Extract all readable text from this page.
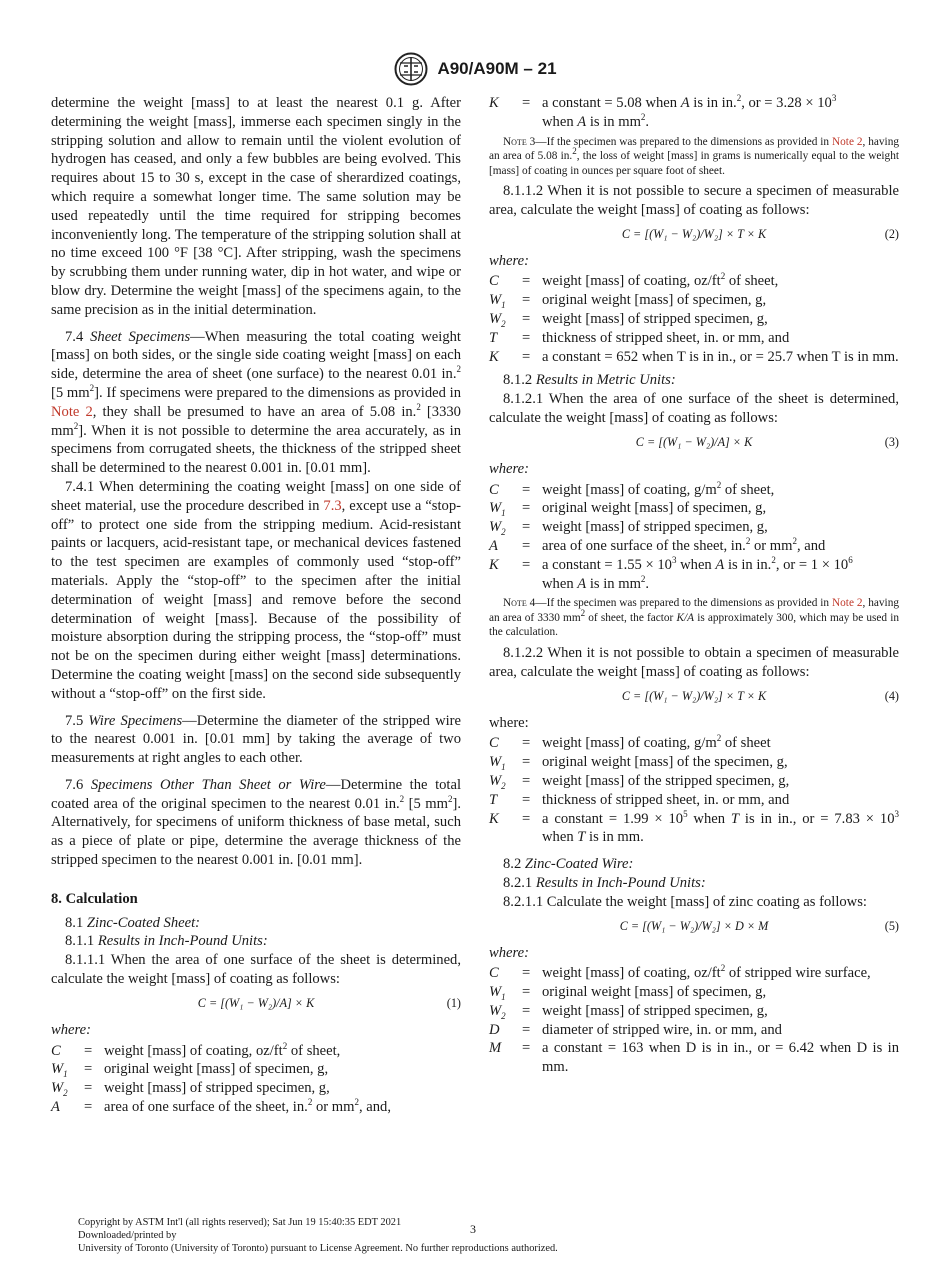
A90/A90M – 21

determine the weight [mass] to at least the nearest 0.1 g. After determining the weight [mass], immerse each specimen singly in the stripping solution and allow to remain until the violent evolution of hydrogen has ceased, and only a few bubbles are being evolved. This requires about 15 to 30 s, except in the case of sherardized coatings, which require a somewhat longer time. The same solution may be used repeatedly until the time required for stripping becomes inconveniently long. The temperature of the stripping solution shall at no time exceed 100 °F [38 °C]. After stripping, wash the specimens by scrubbing them under running water, dip in hot water, and wipe or blow dry. Determine the weight [mass] of the specimens again, to the same precision as in the initial determination.

7.4 Sheet Specimens—When measuring the total coating weight [mass] on both sides, or the single side coating weight [mass] on each side, determine the area of sheet (one surface) to the nearest 0.01 in.$^2$ [5 $mm^2$]. If specimens were prepared to the dimensions as provided in Note 2, they shall be presumed to have an area of 5.08 in.$^2$ [3330 $mm^2$]. When it is not possible to determine the area accurately, as in specimens from corrugated sheets, the thickness of the stripped sheet shall be determined to the nearest 0.001 in. [0.01 mm].

7.4.1 When determining the coating weight [mass] on one side of sheet material, use the procedure described in 7.3, except use a “stop-off” to protect one side from the stripping medium. Acid-resistant paints or lacquers, acid-resistant tape, or mechanical devices fastened to the test specimen are examples of commonly used “stop-off” materials. Apply the “stop-off” to the specimen after the initial determination of weight [mass] and remove before the second determination of weight [mass]. Because of the possibility of moisture absorption during the stripping process, the “stop-off” must not be on the specimen during either weight [mass] determinations. Determine the coating weight [mass] on the second side subsequently without a “stop-off” on the first side.

7.5 Wire Specimens—Determine the diameter of the stripped wire to the nearest 0.001 in. [0.01 mm] by taking the average of two measurements at right angles to each other.

7.6 Specimens Other Than Sheet or Wire—Determine the total coated area of the original specimen to the nearest 0.01 in.$^2$ [5 $mm^2$]. Alternatively, for specimens of uniform thickness of base metal, such as a piece of plate or pipe, determine the average thickness of the stripped specimen to the nearest 0.001 in. [0.01 mm].

8. Calculation

8.1 Zinc-Coated Sheet:

8.1.1 Results in Inch-Pound Units:

8.1.1.1 When the area of one surface of the sheet is determined, calculate the weight [mass] of coating as follows:

C = [(W₁ − W₂)/A] × K	(1)

where:

C	= weight [mass] of coating, $oz/ft^2$ of sheet,
$W_1$	= original weight [mass] of specimen, g,
$W_2$	= weight [mass] of stripped specimen, g,
A	= area of one surface of the sheet, in.$^2$ or $mm^2$, and,
K	= a constant = 5.08 when A is in in.$^2$, or = $3.28 \times 10^3$
when A is in $mm^2$.

Note 3—If the specimen was prepared to the dimensions as provided in Note 2, having an area of 5.08 in.$^2$, the loss of weight [mass] in grams is numerically equal to the weight [mass] of coating in ounces per square foot of sheet.

8.1.1.2 When it is not possible to secure a specimen of measurable area, calculate the weight [mass] of coating as follows:

C = [(W₁ − W₂)/W₂] × T × K	(2)

where:

C	= weight [mass] of coating, $oz/ft^2$ of sheet,
$W_1$	= original weight [mass] of specimen, g,
$W_2$	= weight [mass] of stripped specimen, g,
T	= thickness of stripped sheet, in. or mm, and
K	= a constant = 652 when T is in in., or = 25.7 when T is in mm.

8.1.2 Results in Metric Units:

8.1.2.1 When the area of one surface of the sheet is determined, calculate the weight [mass] of coating as follows:

C = [(W₁ − W₂)/A] × K	(3)

where:

C	= weight [mass] of coating, $g/m^2$ of sheet,
$W_1$	= original weight [mass] of specimen, g,
$W_2$	= weight [mass] of stripped specimen, g,
A	= area of one surface of the sheet, in.$^2$ or $mm^2$, and
K	= a constant = $1.55 \times 10^3$ when A is in in.$^2$, or = $1 \times 10^6$
when A is in $mm^2$.

Note 4—If the specimen was prepared to the dimensions as provided in Note 2, having an area of 3330 $mm^2$ of sheet, the factor K/A is approximately 300, which may be used in the calculation.

8.1.2.2 When it is not possible to obtain a specimen of measurable area, calculate the weight [mass] of coating as follows:

C = [(W₁ − W₂)/W₂] × T × K	(4)

where:

C	= weight [mass] of coating, $g/m^2$ of sheet
$W_1$	= original weight [mass] of the specimen, g,
$W_2$	= weight [mass] of the stripped specimen, g,
T	= thickness of stripped sheet, in. or mm, and
K	= a constant = $1.99 \times 10^5$ when T is in in., or = $7.83 \times 10^3$ when T is in mm.

8.2 Zinc-Coated Wire:

8.2.1 Results in Inch-Pound Units:

8.2.1.1 Calculate the weight [mass] of zinc coating as follows:

C = [(W₁ − W₂)/W₂] × D × M	(5)

where:

C	= weight [mass] of coating, $oz/ft^2$ of stripped wire surface,
$W_1$	= original weight [mass] of specimen, g,
$W_2$	= weight [mass] of stripped specimen, g,
D	= diameter of stripped wire, in. or mm, and
M	= a constant = 163 when D is in in., or = 6.42 when D is in mm.
Copyright by ASTM Int'l (all rights reserved); Sat Jun 19 15:40:35 EDT 2021
Downloaded/printed by
University of Toronto (University of Toronto) pursuant to License Agreement. No further reproductions authorized.
3
